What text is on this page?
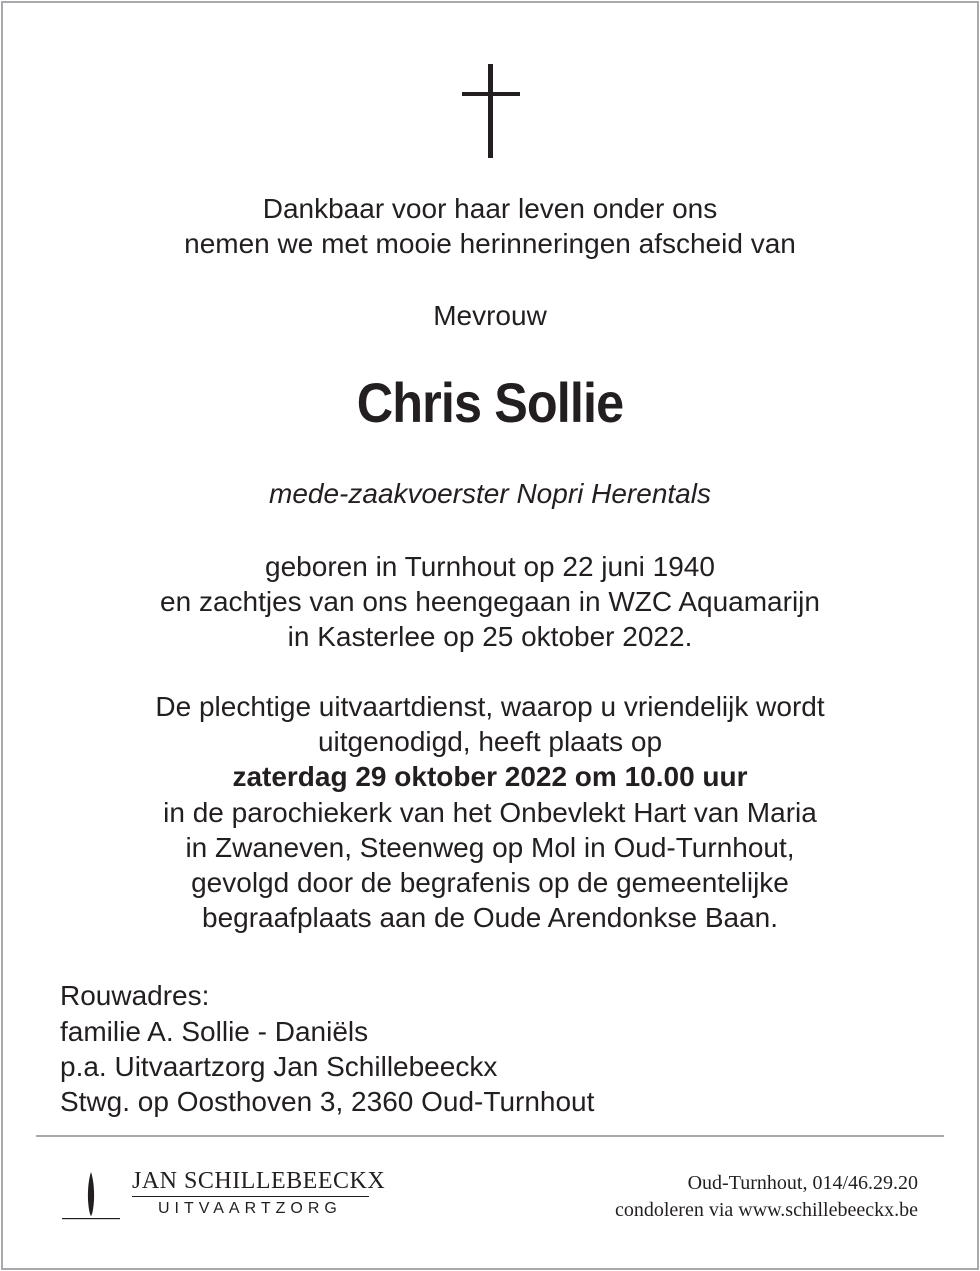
Dankbaar voor haar leven onder ons
nemen we met mooie herinneringen afscheid van
Mevrouw
Chris Sollie
mede-zaakvoerster Nopri Herentals
geboren in Turnhout op 22 juni 1940
en zachtjes van ons heengegaan in WZC Aquamarijn
in Kasterlee op 25 oktober 2022.
De plechtige uitvaartdienst, waarop u vriendelijk wordt
uitgenodigd, heeft plaats op
zaterdag 29 oktober 2022 om 10.00 uur
in de parochiekerk van het Onbevlekt Hart van Maria
in Zwaneven, Steenweg op Mol in Oud-Turnhout,
gevolgd door de begrafenis op de gemeentelijke
begraafplaats aan de Oude Arendonkse Baan.
Rouwadres:
familie A. Sollie - Daniëls
p.a. Uitvaartzorg Jan Schillebeeckx
Stwg. op Oosthoven 3, 2360 Oud-Turnhout
JAN SCHILLEBEECKX
UITVAARTZORG
Oud-Turnhout, 014/46.29.20
condoleren via www.schillebeeckx.be
